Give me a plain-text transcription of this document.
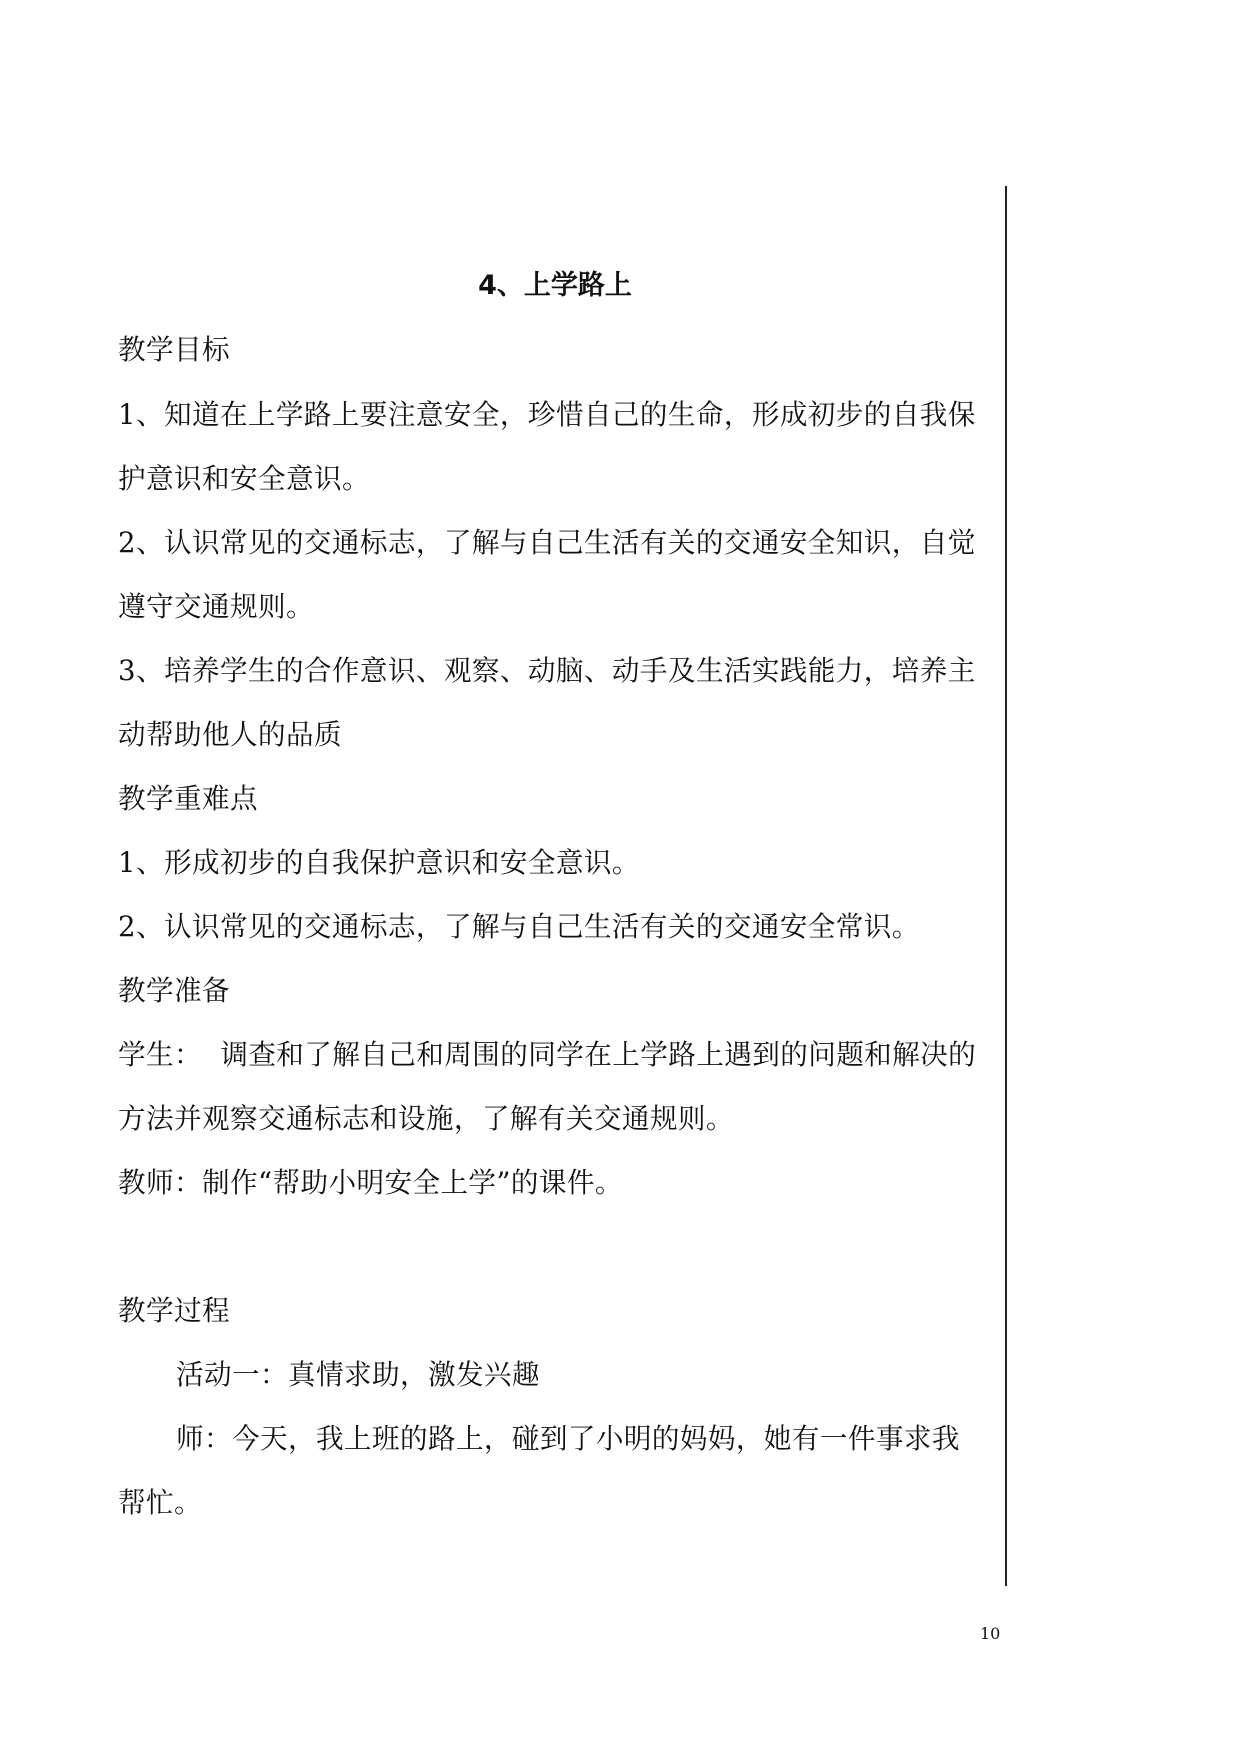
4、上学路上

教学目标

1、知道在上学路上要注意安全，珍惜自己的生命，形成初步的自我保

护意识和安全意识。

2、认识常见的交通标志，了解与自己生活有关的交通安全知识，自觉

遵守交通规则。

3、培养学生的合作意识、观察、动脑、动手及生活实践能力，培养主

动帮助他人的品质

教学重难点

1、形成初步的自我保护意识和安全意识。

2、认识常见的交通标志，了解与自己生活有关的交通安全常识。

教学准备

学生：  调查和了解自己和周围的同学在上学路上遇到的问题和解决的

方法并观察交通标志和设施，了解有关交通规则。

教师：制作“帮助小明安全上学”的课件。

教学过程

活动一：真情求助，激发兴趣

师：今天，我上班的路上，碰到了小明的妈妈，她有一件事求我

帮忙。

10
